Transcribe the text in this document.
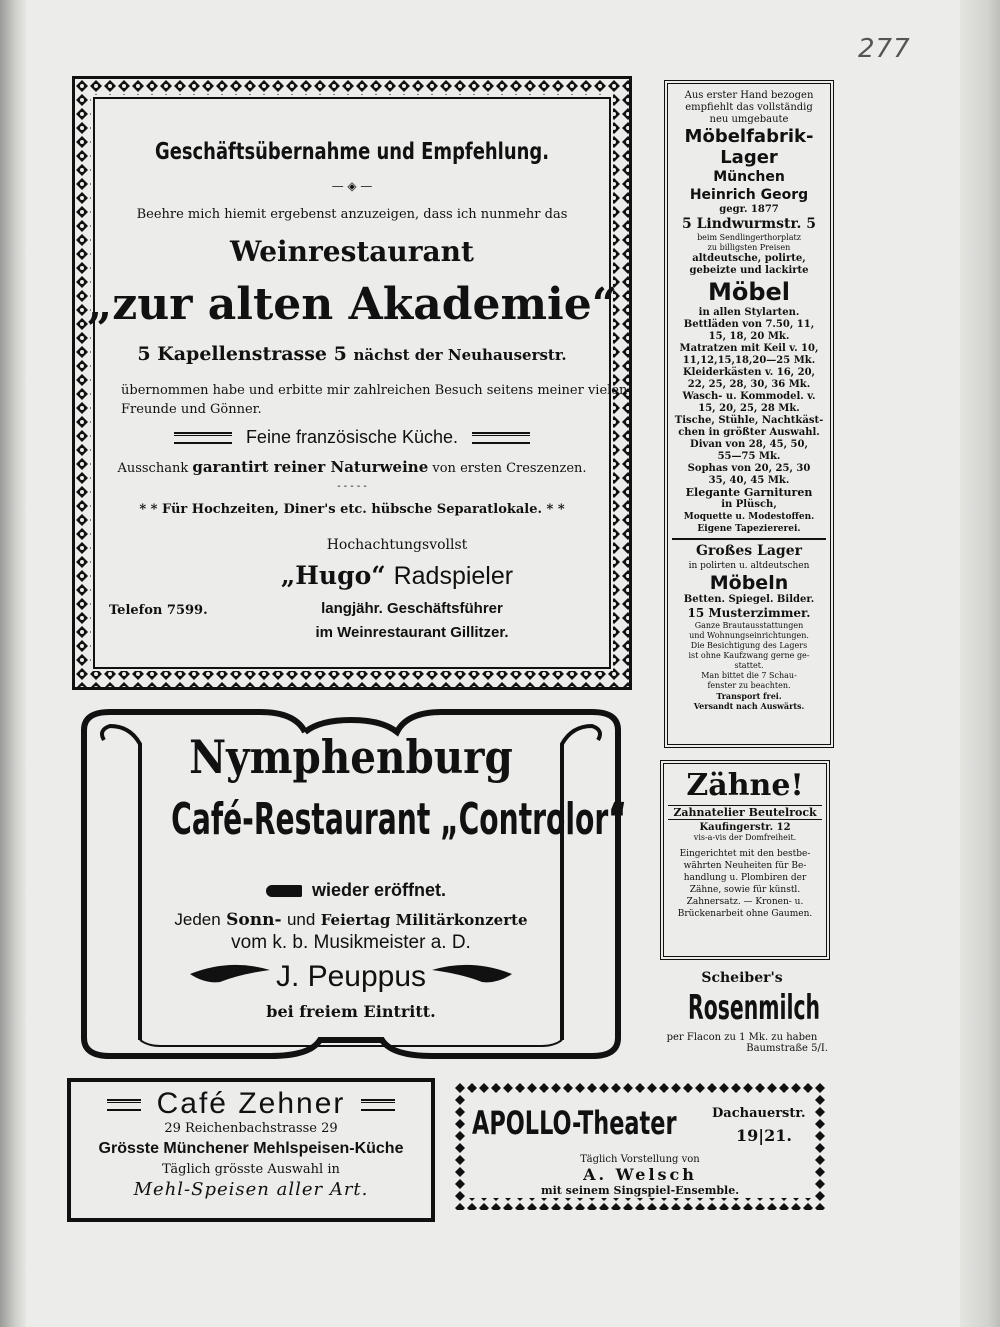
277
Geschäftsübernahme und Empfehlung.
— ◈ —
Beehre mich hiemit ergebenst anzuzeigen, dass ich nunmehr das
Weinrestaurant
„zur alten Akademie“
5 Kapellenstrasse 5 nächst der Neuhauserstr.
übernommen habe und erbitte mir zahlreichen Besuch seitens meiner vielen
Freunde und Gönner.
Feine französische Küche.
Ausschank garantirt reiner Naturweine von ersten Creszenzen.
- - - - -
* * Für Hochzeiten, Diner's etc. hübsche Separatlokale. * *
Hochachtungsvollst
„Hugo“ Radspieler
Telefon 7599.	langjähr. Geschäftsführer
im Weinrestaurant Gillitzer.
Aus erster Hand bezogen
empfiehlt das vollständig
neu umgebaute
Möbelfabrik-
Lager
München
Heinrich Georg
gegr. 1877
5 Lindwurmstr. 5
beim Sendlingerthorplatz
zu billigsten Preisen
altdeutsche, polirte,
gebeizte und lackirte
Möbel
in allen Stylarten.
Bettläden von 7.50, 11,
15, 18, 20 Mk.
Matratzen mit Keil v. 10,
11,12,15,18,20—25 Mk.
Kleiderkästen v. 16, 20,
22, 25, 28, 30, 36 Mk.
Wasch- u. Kommodel. v.
15, 20, 25, 28 Mk.
Tische, Stühle, Nachtkäst-
chen in größter Auswahl.
Divan von 28, 45, 50,
55—75 Mk.
Sophas von 20, 25, 30
35, 40, 45 Mk.
Elegante Garnituren
in Plüsch,
Moquette u. Modestoffen.
Eigene Tapeziererei.
Großes Lager
in polirten u. altdeutschen
Möbeln
Betten. Spiegel. Bilder.
15 Musterzimmer.
Ganze Brautausstattungen
und Wohnungseinrichtungen.
Die Besichtigung des Lagers
ist ohne Kaufzwang gerne ge-
stattet.
Man bittet die 7 Schau-
fenster zu beachten.
Transport frei.
Versandt nach Auswärts.
Nymphenburg
Café-Restaurant „Controlor“
wieder eröffnet.
Jeden Sonn- und Feiertag Militärkonzerte
vom k. b. Musikmeister a. D.
J. Peuppus
bei freiem Eintritt.
Zähne!
Zahnatelier Beutelrock
Kaufingerstr. 12
vis-a-vis der Domfreiheit.
Eingerichtet mit den bestbe-
währten Neuheiten für Be-
handlung u. Plombiren der
Zähne, sowie für künstl.
Zahnersatz. — Kronen- u.
Brückenarbeit ohne Gaumen.
Scheiber's
Rosenmilch
per Flacon zu 1 Mk. zu haben
Baumstraße 5/I.
Café Zehner
29 Reichenbachstrasse 29
Grösste Münchener Mehlspeisen-Küche
Täglich grösste Auswahl in
Mehl-Speisen aller Art.
APOLLO-Theater	Dachauerstr.
19|21.
Täglich Vorstellung von
A. Welsch
mit seinem Singspiel-Ensemble.
